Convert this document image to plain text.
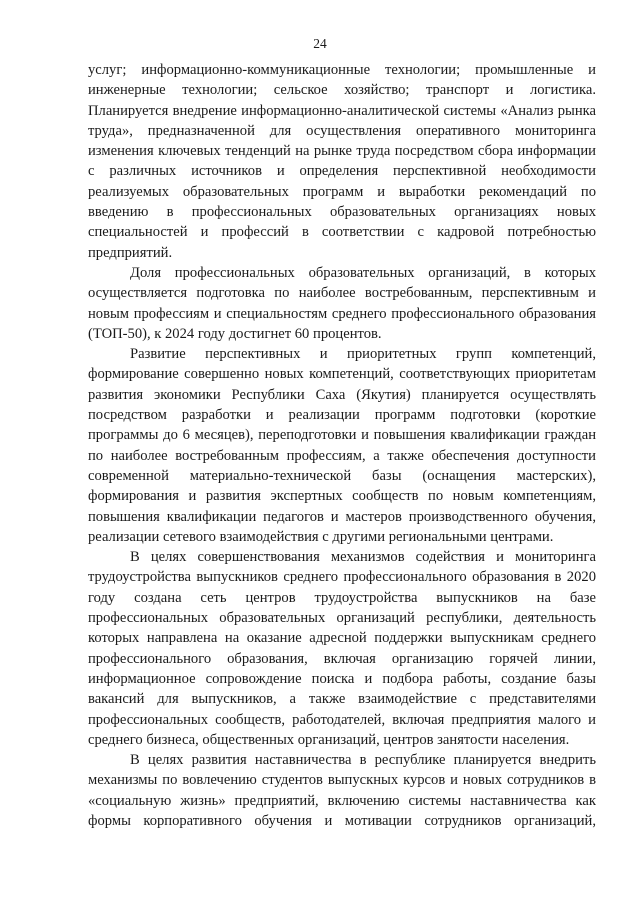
24

услуг; информационно-коммуникационные технологии; промышленные и инженерные технологии; сельское хозяйство; транспорт и логистика. Планируется внедрение информационно-аналитической системы «Анализ рынка труда», предназначенной для осуществления оперативного мониторинга изменения ключевых тенденций на рынке труда посредством сбора информации с различных источников и определения перспективной необходимости реализуемых образовательных программ и выработки рекомендаций по введению в профессиональных образовательных организациях новых специальностей и профессий в соответствии с кадровой потребностью предприятий.

Доля профессиональных образовательных организаций, в которых осуществляется подготовка по наиболее востребованным, перспективным и новым профессиям и специальностям среднего профессионального образования (ТОП-50), к 2024 году достигнет 60 процентов.

Развитие перспективных и приоритетных групп компетенций, формирование совершенно новых компетенций, соответствующих приоритетам развития экономики Республики Саха (Якутия) планируется осуществлять посредством разработки и реализации программ подготовки (короткие программы до 6 месяцев), переподготовки и повышения квалификации граждан по наиболее востребованным профессиям, а также обеспечения доступности современной материально-технической базы (оснащения мастерских), формирования и развития экспертных сообществ по новым компетенциям, повышения квалификации педагогов и мастеров производственного обучения, реализации сетевого взаимодействия с другими региональными центрами.

В целях совершенствования механизмов содействия и мониторинга трудоустройства выпускников среднего профессионального образования в 2020 году создана сеть центров трудоустройства выпускников на базе профессиональных образовательных организаций республики, деятельность которых направлена на оказание адресной поддержки выпускникам среднего профессионального образования, включая организацию горячей линии, информационное сопровождение поиска и подбора работы, создание базы вакансий для выпускников, а также взаимодействие с представителями профессиональных сообществ, работодателей, включая предприятия малого и среднего бизнеса, общественных организаций, центров занятости населения.

В целях развития наставничества в республике планируется внедрить механизмы по вовлечению студентов выпускных курсов и новых сотрудников в «социальную жизнь» предприятий, включению системы наставничества как формы корпоративного обучения и мотивации сотрудников организаций,
